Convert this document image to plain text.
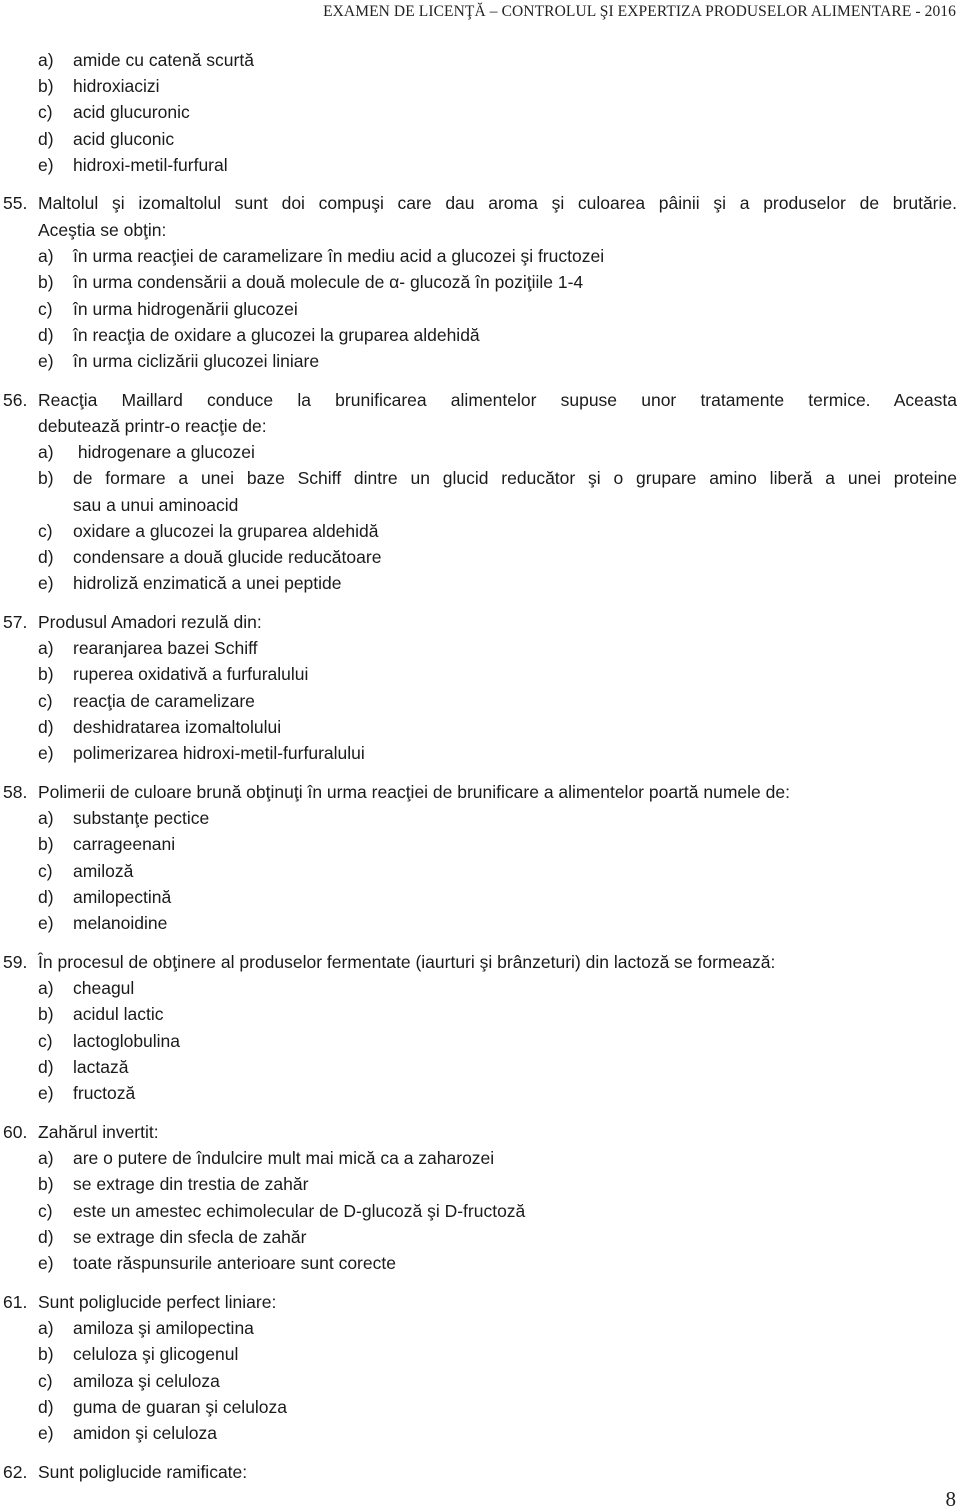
EXAMEN DE LICENŢĂ – CONTROLUL ŞI EXPERTIZA PRODUSELOR ALIMENTARE - 2016
a) amide cu catenă scurtă
b) hidroxiacizi
c) acid glucuronic
d) acid gluconic
e) hidroxi-metil-furfural
55. Maltolul şi izomaltolul sunt doi compuşi care dau aroma şi culoarea pâinii şi a produselor de brutărie.
Aceştia se obţin:
a) în urma reacţiei de caramelizare în mediu acid a glucozei şi fructozei
b) în urma condensării a două molecule de α- glucoză în poziţiile 1-4
c) în urma hidrogenării glucozei
d) în reacţia de oxidare a glucozei la gruparea aldehidă
e) în urma ciclizării glucozei liniare
56. Reacţia Maillard conduce la brunificarea alimentelor supuse unor tratamente termice. Aceasta
debutează printr-o reacţie de:
a) hidrogenare a glucozei
b) de formare a unei baze Schiff dintre un glucid reducător şi o grupare amino liberă a unei proteine
sau a unui aminoacid
c) oxidare a glucozei la gruparea aldehidă
d) condensare a două glucide reducătoare
e) hidroliză enzimatică a unei peptide
57. Produsul Amadori rezulă din:
a) rearanjarea bazei Schiff
b) ruperea oxidativă a furfuralului
c) reacţia de caramelizare
d) deshidratarea izomaltolului
e) polimerizarea hidroxi-metil-furfuralului
58. Polimerii de culoare brună obţinuţi în urma reacţiei de brunificare a alimentelor poartă numele de:
a) substanţe pectice
b) carrageenani
c) amiloză
d) amilopectină
e) melanoidine
59. În procesul de obţinere al produselor fermentate (iaurturi şi brânzeturi) din lactoză se formează:
a) cheagul
b) acidul lactic
c) lactoglobulina
d) lactază
e) fructoză
60. Zahărul invertit:
a) are o putere de îndulcire mult mai mică ca a zaharozei
b) se extrage din trestia de zahăr
c) este un amestec echimolecular de D-glucoză şi D-fructoză
d) se extrage din sfecla de zahăr
e) toate răspunsurile anterioare sunt corecte
61. Sunt poliglucide perfect liniare:
a) amiloza şi amilopectina
b) celuloza şi glicogenul
c) amiloza şi celuloza
d) guma de guaran şi celuloza
e) amidon şi celuloza
62. Sunt poliglucide ramificate:
8
